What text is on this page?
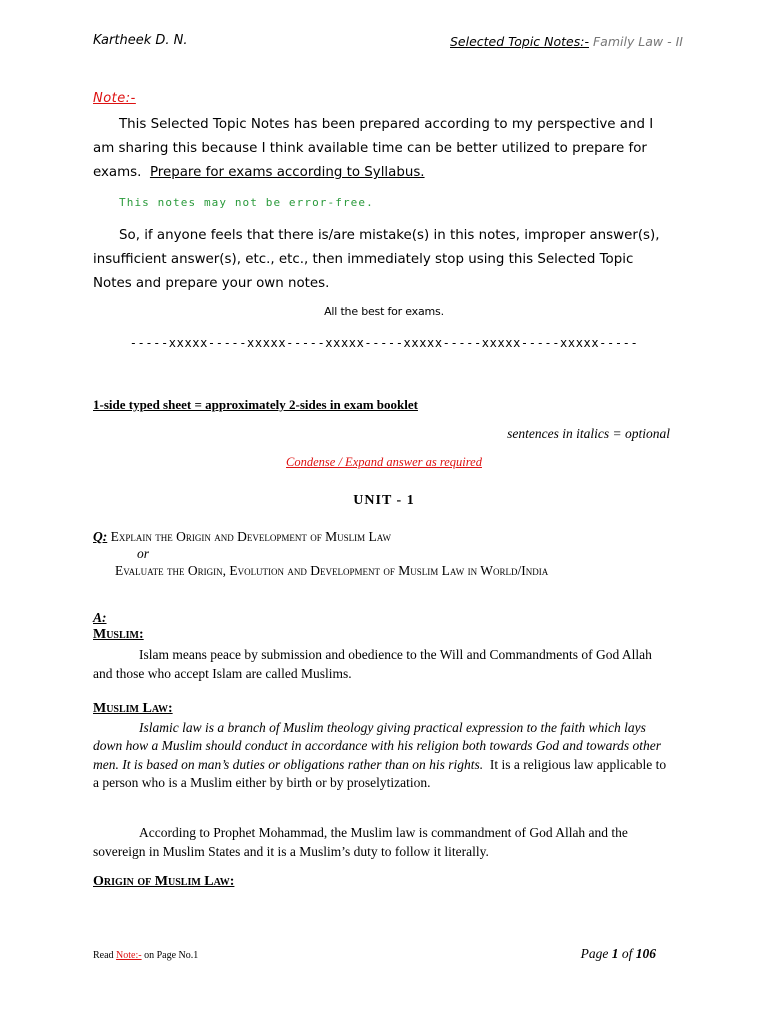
Kartheek D. N.	Selected Topic Notes:- Family Law - II
Note:-
This Selected Topic Notes has been prepared according to my perspective and I am sharing this because I think available time can be better utilized to prepare for exams. Prepare for exams according to Syllabus.
This notes may not be error-free.
So, if anyone feels that there is/are mistake(s) in this notes, improper answer(s), insufficient answer(s), etc., etc., then immediately stop using this Selected Topic Notes and prepare your own notes.
All the best for exams.
-----xxxxx-----xxxxx-----xxxxx-----xxxxx-----xxxxx-----xxxxx-----
1-side typed sheet = approximately 2-sides in exam booklet
sentences in italics = optional
Condense / Expand answer as required
UNIT - 1
Q: Explain the Origin and Development of Muslim Law
or
Evaluate the Origin, Evolution and Development of Muslim Law in World/India
A:
Muslim:
Islam means peace by submission and obedience to the Will and Commandments of God Allah and those who accept Islam are called Muslims.
Muslim Law:
Islamic law is a branch of Muslim theology giving practical expression to the faith which lays down how a Muslim should conduct in accordance with his religion both towards God and towards other men. It is based on man’s duties or obligations rather than on his rights. It is a religious law applicable to a person who is a Muslim either by birth or by proselytization.
According to Prophet Mohammad, the Muslim law is commandment of God Allah and the sovereign in Muslim States and it is a Muslim’s duty to follow it literally.
Origin of Muslim Law:
Read Note:- on Page No.1	Page 1 of 106
